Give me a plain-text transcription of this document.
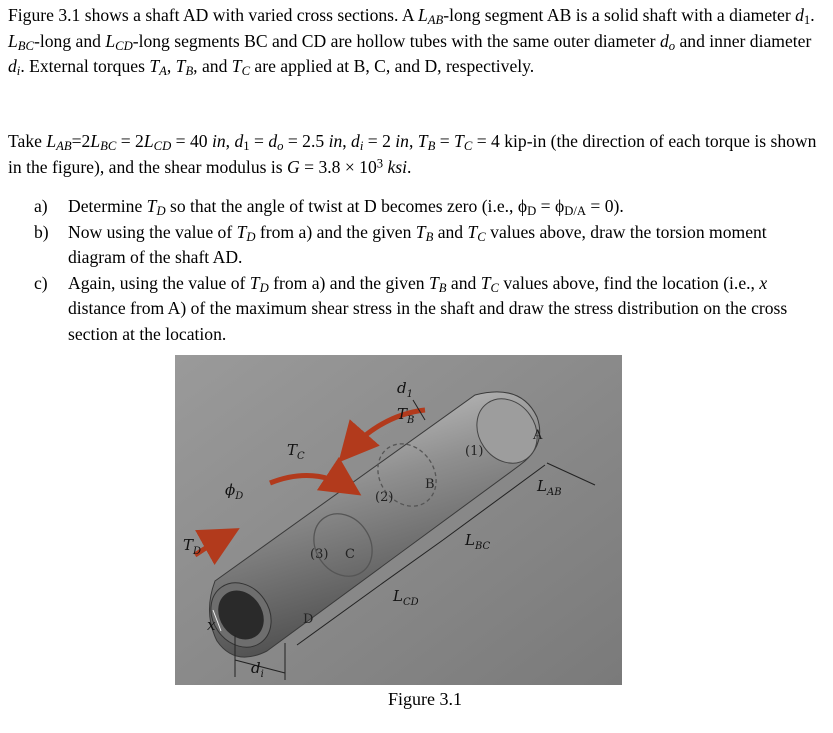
Figure 3.1 shows a shaft AD with varied cross sections. A $L_{AB}$-long segment AB is a solid shaft with a diameter $d_1$. $L_{BC}$-long and $L_{CD}$-long segments BC and CD are hollow tubes with the same outer diameter $d_o$ and inner diameter $d_i$. External torques $T_A$, $T_B$, and $T_C$ are applied at B, C, and D, respectively.

Take $L_{AB}=2L_{BC} = 2L_{CD} = 40$ in, $d_1 = d_o = 2.5$ in, $d_i = 2$ in, $T_B = T_C = 4$ kip-in (the direction of each torque is shown in the figure), and the shear modulus is $G = 3.8 \times 10^3$ ksi.

a)	Determine $T_D$ so that the angle of twist at D becomes zero (i.e., $\phi_D = \phi_{D/A} = 0$).
b)	Now using the value of $T_D$ from a) and the given $T_B$ and $T_C$ values above, draw the torsion moment diagram of the shaft AD.
c)	Again, using the value of $T_D$ from a) and the given $T_B$ and $T_C$ values above, find the location (i.e., x distance from A) of the maximum shear stress in the shaft and draw the stress distribution on the cross section at the location.
$T_B$
$T_C$
$\phi_D$
$T_D$
$d_1$
A
B
C
D
(1)
(2)
(3)
$L_{AB}$
$L_{BC}$
$L_{CD}$
x
$d_i$
Figure 3.1
